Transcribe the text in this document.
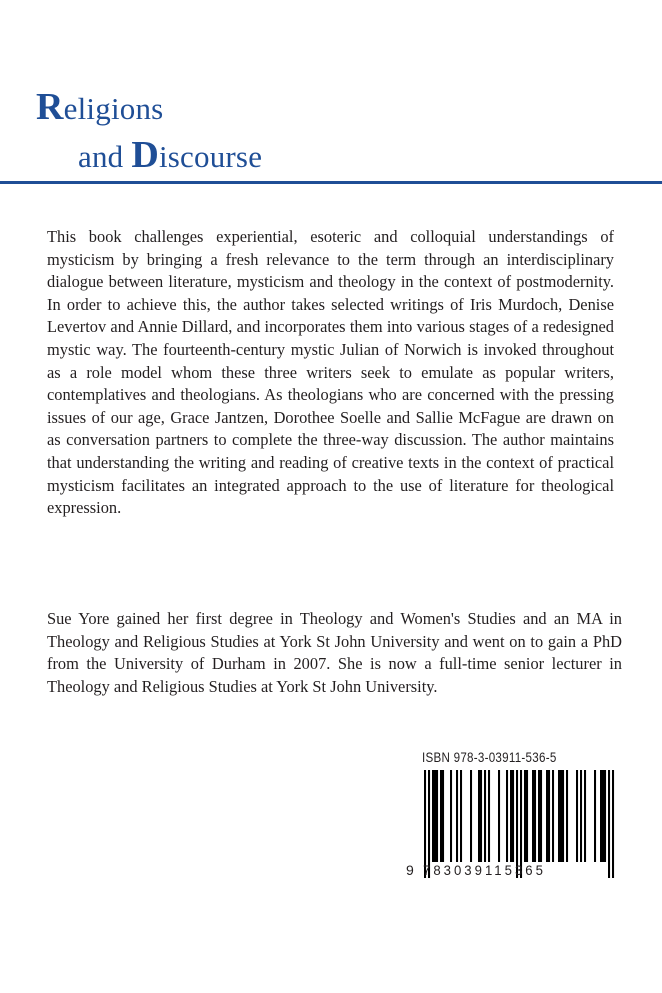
Religions
and Discourse

This book challenges experiential, esoteric and colloquial understandings of mysticism by bringing a fresh relevance to the term through an interdisciplinary dialogue between literature, mysticism and theology in the context of postmodernity. In order to achieve this, the author takes selected writings of Iris Murdoch, Denise Levertov and Annie Dillard, and incorporates them into various stages of a redesigned mystic way. The fourteenth-century mystic Julian of Norwich is invoked throughout as a role model whom these three writers seek to emulate as popular writers, contemplatives and theologians. As theologians who are concerned with the pressing issues of our age, Grace Jantzen, Dorothee Soelle and Sallie McFague are drawn on as conversation partners to complete the three-way discussion. The author maintains that understanding the writing and reading of creative texts in the context of practical mysticism facilitates an integrated approach to the use of literature for theological expression.

Sue Yore gained her first degree in Theology and Women's Studies and an MA in Theology and Religious Studies at York St John University and went on to gain a PhD from the University of Durham in 2007. She is now a full-time senior lecturer in Theology and Religious Studies at York St John University.

ISBN 978-3-03911-536-5
9 783039115365
